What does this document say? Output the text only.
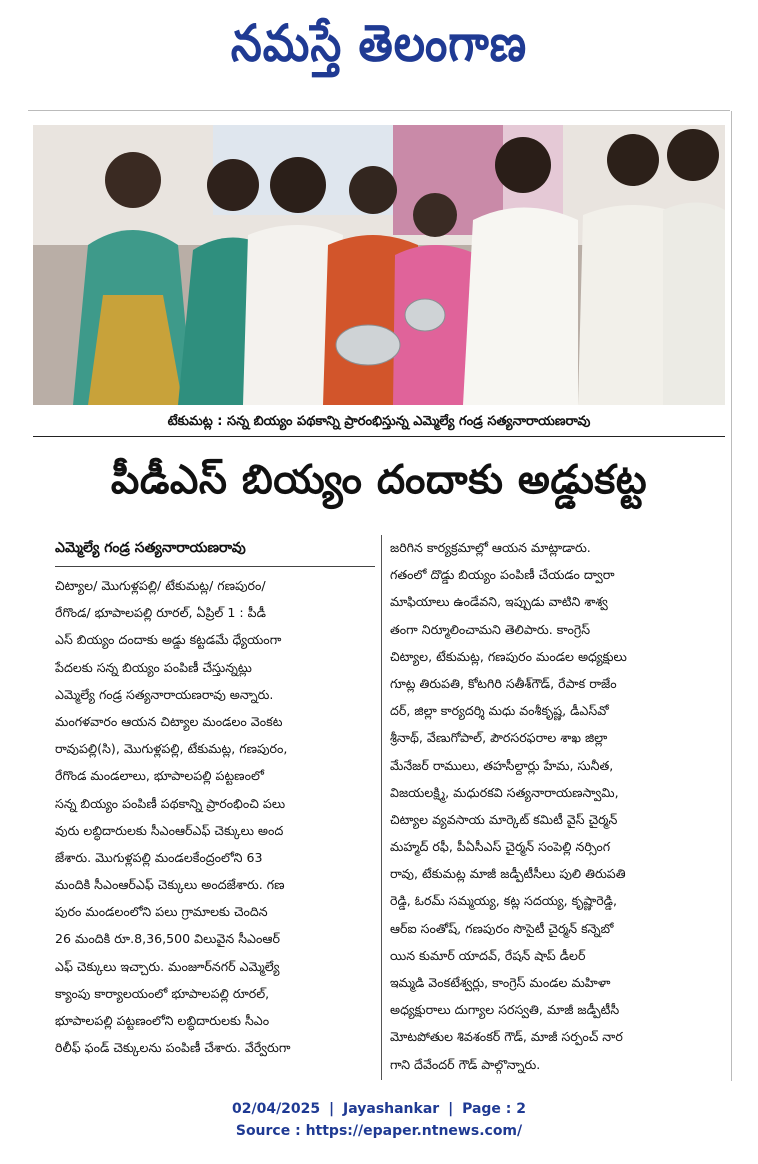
నమస్తే తెలంగాణ
టేకుమట్ల : సన్న బియ్యం పథకాన్ని ప్రారంభిస్తున్న ఎమ్మెల్యే గండ్ర సత్యనారాయణరావు
పీడీఎస్ బియ్యం దందాకు అడ్డుకట్ట
ఎమ్మెల్యే గండ్ర సత్యనారాయణరావు
చిట్యాల/ మొగుళ్లపల్లి/ టేకుమట్ల/ గణపురం/
రేగొండ/ భూపాలపల్లి రూరల్, ఏప్రిల్ 1 : పీడీ
ఎస్ బియ్యం దందాకు అడ్డు కట్టడమే ధ్యేయంగా
పేదలకు సన్న బియ్యం పంపిణీ చేస్తున్నట్లు
ఎమ్మెల్యే గండ్ర సత్యనారాయణరావు అన్నారు.
మంగళవారం ఆయన చిట్యాల మండలం వెంకట
రావుపల్లి(సి), మొగుళ్లపల్లి, టేకుమట్ల, గణపురం,
రేగొండ మండలాలు, భూపాలపల్లి పట్టణంలో
సన్న బియ్యం పంపిణీ పథకాన్ని ప్రారంభించి పలు
వురు లబ్ధిదారులకు సీఎంఆర్ఎఫ్ చెక్కులు అంద
జేశారు. మొగుళ్లపల్లి మండలకేంద్రంలోని 63
మందికి సీఎంఆర్ఎఫ్ చెక్కులు అందజేశారు. గణ
పురం మండలంలోని పలు గ్రామాలకు చెందిన
26 మందికి రూ.8,36,500 విలువైన సీఎంఆర్
ఎఫ్ చెక్కులు ఇచ్చారు. మంజూర్‌నగర్ ఎమ్మెల్యే
క్యాంపు కార్యాలయంలో భూపాలపల్లి రూరల్,
భూపాలపల్లి పట్టణంలోని లబ్ధిదారులకు సీఎం
రిలీఫ్ ఫండ్ చెక్కులను పంపిణీ చేశారు. వేర్వేరుగా
జరిగిన కార్యక్రమాల్లో ఆయన మాట్లాడారు.
గతంలో దొడ్డు బియ్యం పంపిణీ చేయడం ద్వారా
మాఫియాలు ఉండేవని, ఇప్పుడు వాటిని శాశ్వ
తంగా నిర్మూలించామని తెలిపారు. కాంగ్రెస్
చిట్యాల, టేకుమట్ల, గణపురం మండల అధ్యక్షులు
గూట్ల తిరుపతి, కోటగిరి సతీశ్‌గౌడ్, రేపాక రాజేం
దర్, జిల్లా కార్యదర్శి మధు వంశీకృష్ణ, డీఎస్‌వో
శ్రీనాథ్, వేణుగోపాల్, పౌరసరఫరాల శాఖ జిల్లా
మేనేజర్ రాములు, తహసీల్దార్లు హేమ, సునీత,
విజయలక్ష్మి, మధురకవి సత్యనారాయణస్వామి,
చిట్యాల వ్యవసాయ మార్కెట్ కమిటీ వైస్ చైర్మన్
మహ్మద్ రఫీ, పీఏసీఎస్ చైర్మన్ సంపెల్లి నర్సింగ
రావు, టేకుమట్ల మాజీ జడ్పీటీసీలు పులి తిరుపతి
రెడ్డి, ఓరమ్ సమ్మయ్య, కట్ల సదయ్య, కృష్ణారెడ్డి,
ఆర్ఐ సంతోష్, గణపురం సొసైటీ చైర్మన్ కన్నెబో
యిన కుమార్ యాదవ్, రేషన్ షాప్ డీలర్
ఇమ్మడి వెంకటేశ్వర్లు, కాంగ్రెస్ మండల మహిళా
అధ్యక్షురాలు దుగ్యాల సరస్వతి, మాజీ జడ్పీటీసీ
మోటపోతుల శివశంకర్ గౌడ్, మాజీ సర్పంచ్ నార
గాని దేవేందర్ గౌడ్ పాల్గొన్నారు.
02/04/2025 | Jayashankar | Page : 2
Source : https://epaper.ntnews.com/
